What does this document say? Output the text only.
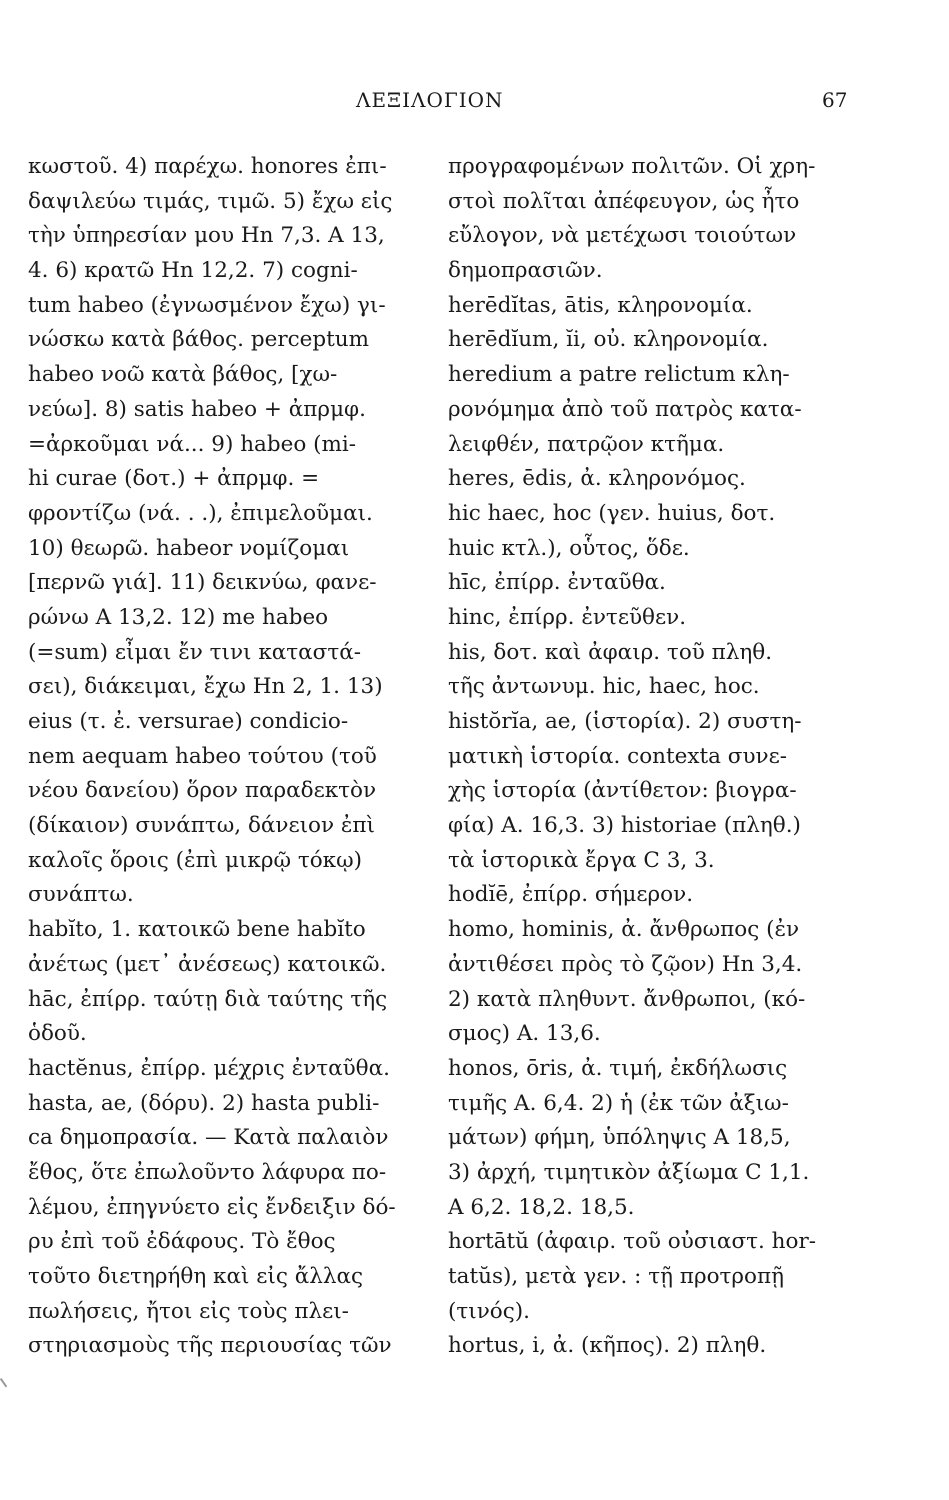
ΛΕΞΙΛΟΓΙΟΝ	67
κωστοῦ. 4) παρέχω. honores ἐπι-
δαψιλεύω τιμάς, τιμῶ. 5) ἔχω εἰς
τὴν ὑπηρεσίαν μου Hn 7,3. A 13,
4. 6) κρατῶ Hn 12,2. 7) cogni-
tum habeo (ἐγνωσμένον ἔχω) γι-
νώσκω κατὰ βάθος. perceptum
habeo νοῶ κατὰ βάθος, [χω-
νεύω]. 8) satis habeo + ἀπρμφ.
=ἀρκοῦμαι νά... 9) habeo (mi-
hi curae (δοτ.) + ἀπρμφ. =
φροντίζω (νά. . .), ἐπιμελοῦμαι.
10) θεωρῶ. habeor νομίζομαι
[περνῶ γιά]. 11) δεικνύω, φανε-
ρώνω A 13,2. 12) me habeo
(=sum) εἶμαι ἔν τινι καταστά-
σει), διάκειμαι, ἔχω Hn 2, 1. 13)
eius (τ. ἐ. versurae) condicio-
nem aequam habeo τούτου (τοῦ
νέου δανείου) ὅρον παραδεκτὸν
(δίκαιον) συνάπτω, δάνειον ἐπὶ
καλοῖς ὅροις (ἐπὶ μικρῷ τόκῳ)
συνάπτω.
habĭto, 1. κατοικῶ bene habĭto
ἀνέτως (μετ᾽ ἀνέσεως) κατοικῶ.
hāc, ἐπίρρ. ταύτῃ διὰ ταύτης τῆς
ὁδοῦ.
hactĕnus, ἐπίρρ. μέχρις ἐνταῦθα.
hasta, ae, (δόρυ). 2) hasta publi-
ca δημοπρασία. — Κατὰ παλαιὸν
ἔθος, ὅτε ἐπωλοῦντο λάφυρα πο-
λέμου, ἐπηγνύετο εἰς ἔνδειξιν δό-
ρυ ἐπὶ τοῦ ἐδάφους. Τὸ ἔθος
τοῦτο διετηρήθη καὶ εἰς ἄλλας
πωλήσεις, ἤτοι εἰς τοὺς πλει-
στηριασμοὺς τῆς περιουσίας τῶν
προγραφομένων πολιτῶν. Οἱ χρη-
στοὶ πολῖται ἀπέφευγον, ὡς ἦτο
εὔλογον, νὰ μετέχωσι τοιούτων
δημοπρασιῶν.
herēdĭtas, ātis, κληρονομία.
herēdĭum, ĭi, οὐ. κληρονομία.
heredium a patre relictum κλη-
ρονόμημα ἀπὸ τοῦ πατρὸς κατα-
λειφθέν, πατρῷον κτῆμα.
heres, ēdis, ἀ. κληρονόμος.
hic haec, hoc (γεν. huius, δοτ.
huic κτλ.), οὗτος, ὅδε.
hīc, ἐπίρρ. ἐνταῦθα.
hinc, ἐπίρρ. ἐντεῦθεν.
his, δοτ. καὶ ἀφαιρ. τοῦ πληθ.
τῆς ἀντωνυμ. hic, haec, hoc.
histŏrĭa, ae, (ἱστορία). 2) συστη-
ματικὴ ἱστορία. contexta συνε-
χὴς ἱστορία (ἀντίθετον: βιογρα-
φία) A. 16,3. 3) historiae (πληθ.)
τὰ ἱστορικὰ ἔργα C 3, 3.
hodĭē, ἐπίρρ. σήμερον.
homo, hominis, ἀ. ἄνθρωπος (ἐν
ἀντιθέσει πρὸς τὸ ζῷον) Hn 3,4.
2) κατὰ πληθυντ. ἄνθρωποι, (κό-
σμος) A. 13,6.
honos, ōris, ἀ. τιμή, ἐκδήλωσις
τιμῆς A. 6,4. 2) ἡ (ἐκ τῶν ἀξιω-
μάτων) φήμη, ὑπόληψις A 18,5,
3) ἀρχή, τιμητικὸν ἀξίωμα C 1,1.
A 6,2. 18,2. 18,5.
hortātŭ (ἀφαιρ. τοῦ οὐσιαστ. hor-
tatŭs), μετὰ γεν. : τῇ προτροπῇ
(τινός).
hortus, i, ἀ. (κῆπος). 2) πληθ.
